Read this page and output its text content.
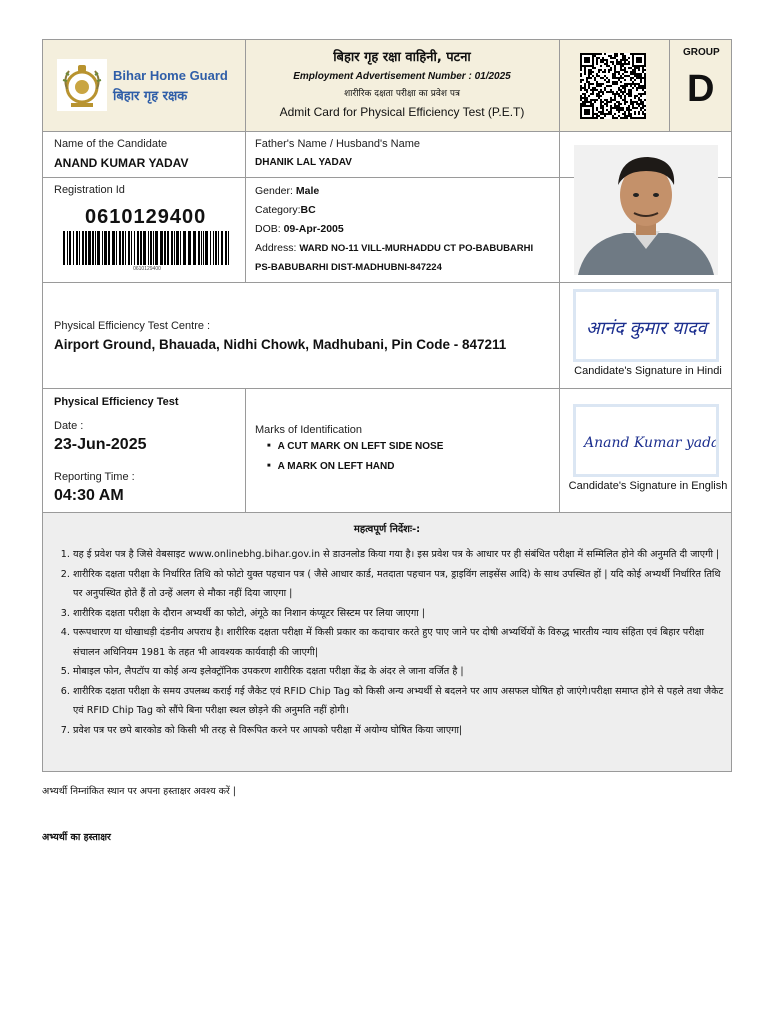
Bihar Home Guard
बिहार गृह रक्षक
बिहार गृह रक्षा वाहिनी, पटना
Employment Advertisement Number : 01/2025
शारीरिक दक्षता परीक्षा का प्रवेश पत्र
Admit Card for Physical Efficiency Test (P.E.T)
GROUP
D
Name of the Candidate
ANAND KUMAR YADAV
Father's Name / Husband's Name
DHANIK LAL YADAV
Registration Id
0610129400
0610129400
Gender: Male
Category:BC
DOB: 09-Apr-2005
Address: WARD NO-11 VILL-MURHADDU CT PO-BABUBARHI
PS-BABUBARHI DIST-MADHUBNI-847224
Physical Efficiency Test Centre :
Airport Ground, Bhauada, Nidhi Chowk, Madhubani, Pin Code - 847211
आनंद कुमार यादव
Candidate's Signature in Hindi
Physical Efficiency Test
Date :
23-Jun-2025
Reporting Time :
04:30 AM
Marks of Identification
■ A CUT MARK ON LEFT SIDE NOSE
■ A MARK ON LEFT HAND
Anand Kumar yadav
Candidate's Signature in English
महत्वपूर्ण निर्देशः-:
1. यह ई प्रवेश पत्र है जिसे वेबसाइट www.onlinebhg.bihar.gov.in से डाउनलोड किया गया है। इस प्रवेश पत्र के आधार पर ही संबंधित परीक्षा में सम्मिलित होने की अनुमति दी जाएगी |
2. शारीरिक दक्षता परीक्षा के निर्धारित तिथि को फोटो युक्त पहचान पत्र ( जैसे आधार कार्ड, मतदाता पहचान पत्र, ड्राइविंग लाइसेंस आदि) के साथ उपस्थित हों | यदि कोई अभ्यर्थी निर्धारित तिथि पर अनुपस्थित होते हैं तो उन्हें अलग से मौका नहीं दिया जाएगा |
3. शारीरिक दक्षता परीक्षा के दौरान अभ्यर्थी का फोटो, अंगूठे का निशान कंप्यूटर सिस्टम पर लिया जाएगा |
4. परूपधारण या धोखाधड़ी दंडनीय अपराध है। शारीरिक दक्षता परीक्षा में किसी प्रकार का कदाचार करते हुए पाए जाने पर दोषी अभ्यर्थियों के विरुद्ध भारतीय न्याय संहिता एवं बिहार परीक्षा संचालन अधिनियम 1981 के तहत भी आवश्यक कार्यवाही की जाएगी|
5. मोबाइल फोन, लैपटॉप या कोई अन्य इलेक्ट्रॉनिक उपकरण शारीरिक दक्षता परीक्षा केंद्र के अंदर ले जाना वर्जित है |
6. शारीरिक दक्षता परीक्षा के समय उपलब्ध कराई गई जैकेट एवं RFID Chip Tag को किसी अन्य अभ्यर्थी से बदलने पर आप असफल घोषित हो जाएंगे।परीक्षा समाप्त होने से पहले तथा जैकेट एवं RFID Chip Tag को सौंपे बिना परीक्षा स्थल छोड़ने की अनुमति नहीं होगी।
7. प्रवेश पत्र पर छपे बारकोड को किसी भी तरह से विरूपित करने पर आपको परीक्षा में अयोग्य घोषित किया जाएगा|
अभ्यर्थी निम्नांकित स्थान पर अपना हस्ताक्षर अवश्य करें |
अभ्यर्थी का हस्ताक्षर
